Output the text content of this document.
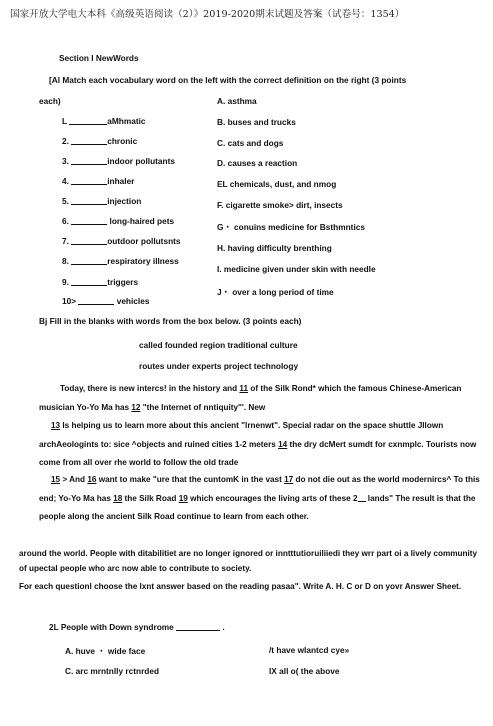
国家开放大学电大本科《高级英语阅读（2）》2019-2020期末试题及答案（试卷号：1354）
Section I NewWords
[Al Match each vocabulary word on the left with the correct definition on the right (3 points
each)
L	aMhmatic
2.	chronic
3.	indoor pollutants
4.	inhaler
5.	injection
6.	long-haired pets
7.	outdoor pollutsnts
8.	respiratory illness
9.	triggers
10>	vehicles
A. asthma
B. buses and trucks
C. cats and dogs
D. causes a reaction
EL chemicals, dust, and nmog
F. cigarette smoke> dirt, insects
G・ conuins medicine for Bsthmntics
H. having difficulty brenthing
I. medicine given under skin with needle
J・ over a long period of time
Bj Fill in the blanks with words from the box below. (3 points each)
called founded region traditional culture
routes under experts project technology
Today, there is new intercs! in the history and 11 of the Silk Rond* which the famous Chinese-American musician Yo-Yo Ma has 12 "the Internet of nntiquity"'. New
13 Is helping us to learn more about this ancient "lrnenwt". Special radar on the space shuttle Jllown archAeologints to: sice ^objects and ruined cities 1-2 meters 14 the dry dcMert sumdt for cxnmplc. Tourists now come from all over rhe world to follow the old trade
15 > And 16 want to make "ure that the cuntomK in the vast 17 do not die out as the world modernircs^ To this end; Yo-Yo Ma has 18 the Silk Road 19 which encourages the living arts of these 2 lands" The result is that the people along the ancient Silk Road continue to learn from each other.
around the world. People with ditabilitiet are no longer ignored or inntttutioruiliiedi they wrr part oi a lively community of upectal people who arc now able to contribute to society.
For each questionl choose the lxnt answer based on the reading pasaa". Write A. H. C or D on yovr Answer Sheet.
2L People with Down syndrome	.
A. huve ・ wide face	/t have wlantcd cye»
C. arc mrntnlly rctnrded	IX all o( the above
